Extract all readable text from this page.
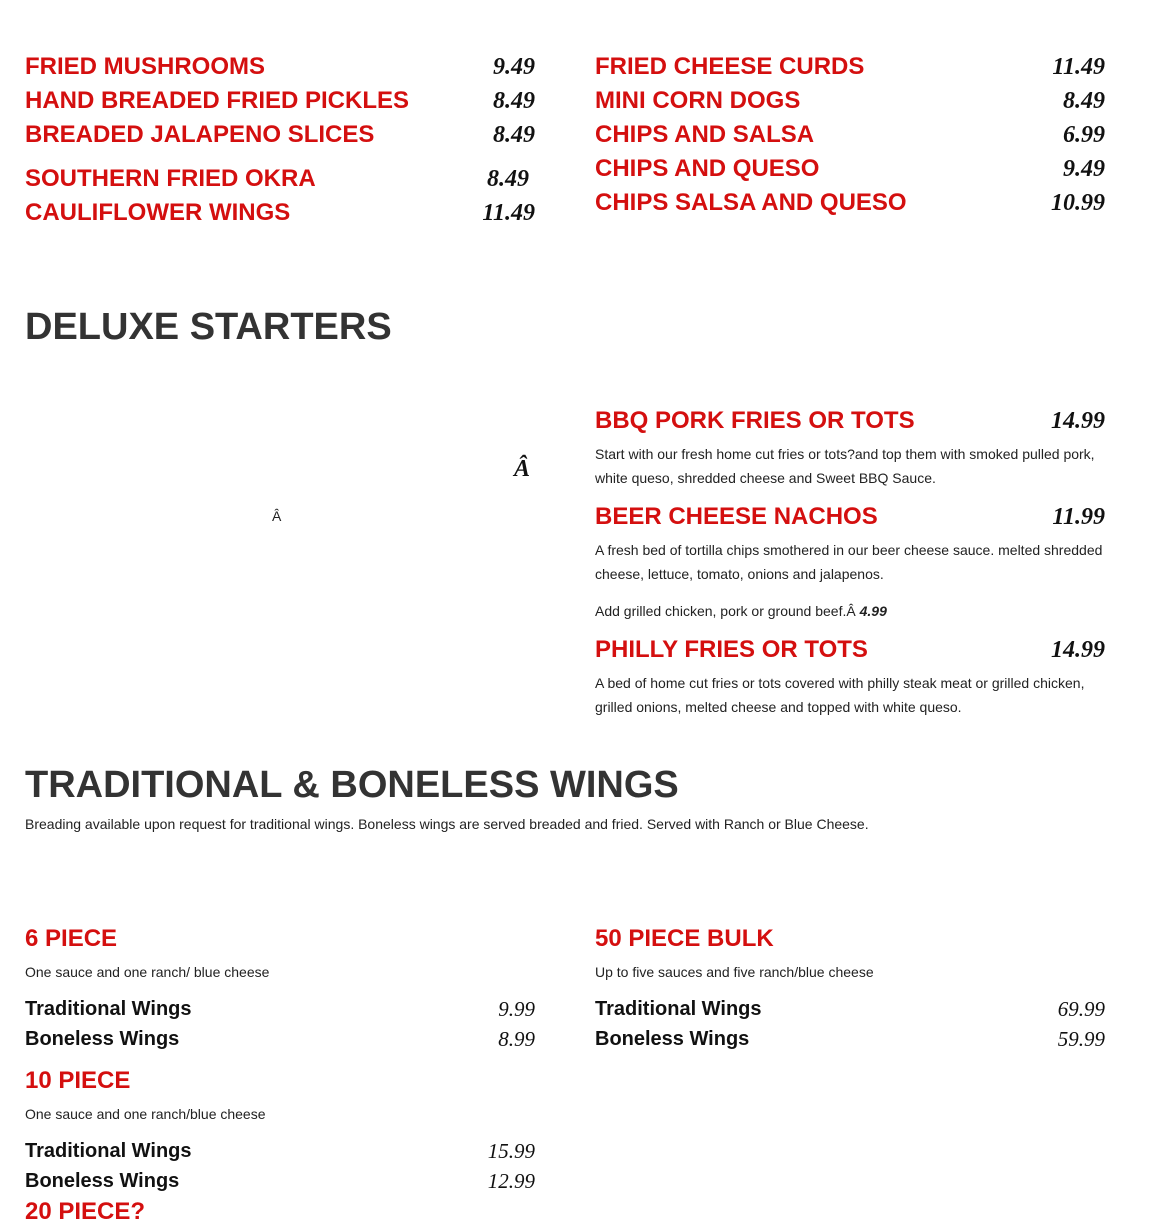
FRIED MUSHROOMS	9.49
HAND BREADED FRIED PICKLES	8.49
BREADED JALAPENO SLICES	8.49
SOUTHERN FRIED OKRA	8.49
CAULIFLOWER WINGS	11.49
FRIED CHEESE CURDS	11.49
MINI CORN DOGS	8.49
CHIPS AND SALSA	6.99
CHIPS AND QUESO	9.49
CHIPS SALSA AND QUESO	10.99
DELUXE STARTERS
Â
Â
BBQ PORK FRIES OR TOTS	14.99
Start with our fresh home cut fries or tots?and top them with smoked pulled pork, white queso, shredded cheese and Sweet BBQ Sauce.
BEER CHEESE NACHOS	11.99
A fresh bed of tortilla chips smothered in our beer cheese sauce. melted shredded cheese, lettuce, tomato, onions and jalapenos.
Add grilled chicken, pork or ground beef.Â 4.99
PHILLY FRIES OR TOTS	14.99
A bed of home cut fries or tots covered with philly steak meat or grilled chicken, grilled onions, melted cheese and topped with white queso.
TRADITIONAL & BONELESS WINGS
Breading available upon request for traditional wings. Boneless wings are served breaded and fried. Served with Ranch or Blue Cheese.
6 PIECE
One sauce and one ranch/ blue cheese
Traditional Wings	9.99
Boneless Wings	8.99
10 PIECE
One sauce and one ranch/blue cheese
Traditional Wings	15.99
Boneless Wings	12.99
20 PIECE?
50 PIECE BULK
Up to five sauces and five ranch/blue cheese
Traditional Wings	69.99
Boneless Wings	59.99
